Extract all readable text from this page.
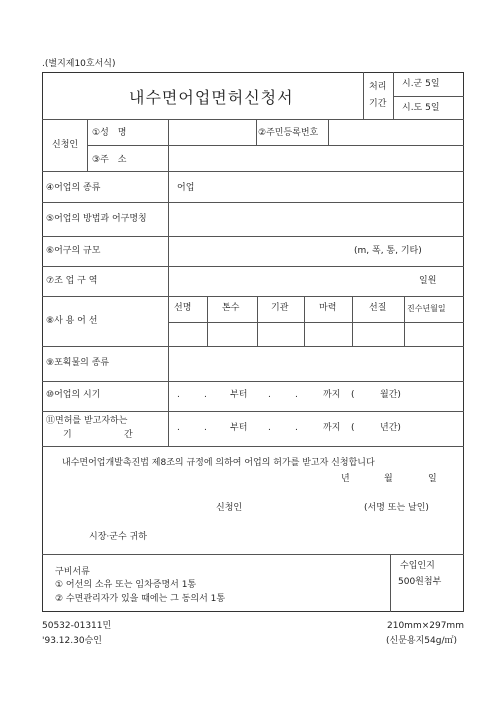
.(별지제10호서식)
내수면어업면허신청서
처리
기간
시.군 5일
시.도 5일
신청인
①성　명	②주민등록번호
③주　소
④어업의 종류	어업
⑤어업의 방법과 어구명칭
⑥어구의 규모	(m, 폭, 통, 기타)
⑦조 업 구 역	일원
⑧사 용 어 선
선명	톤수	기관	마력	선질	진수년월일
⑨포획물의 종류
⑩어업의 시기	.	.	부터 .	.	까지 (	월간)
⑪면허를 받고자하는
기	간
.	.	부터 .	.	까지 (	년간)
내수면어업개발촉진법 제8조의 규정에 의하여 어업의 허가를 받고자 신청합니다
년	월	일
신청인	(서명 또는 날인)
시장·군수 귀하
구비서류
① 어선의 소유 또는 임차증명서 1통
② 수면관리자가 있을 때에는 그 동의서 1통
수입인지
500원첨부
50532-01311민
'93.12.30승인
210mm×297mm
(신문용지54g/㎡)
